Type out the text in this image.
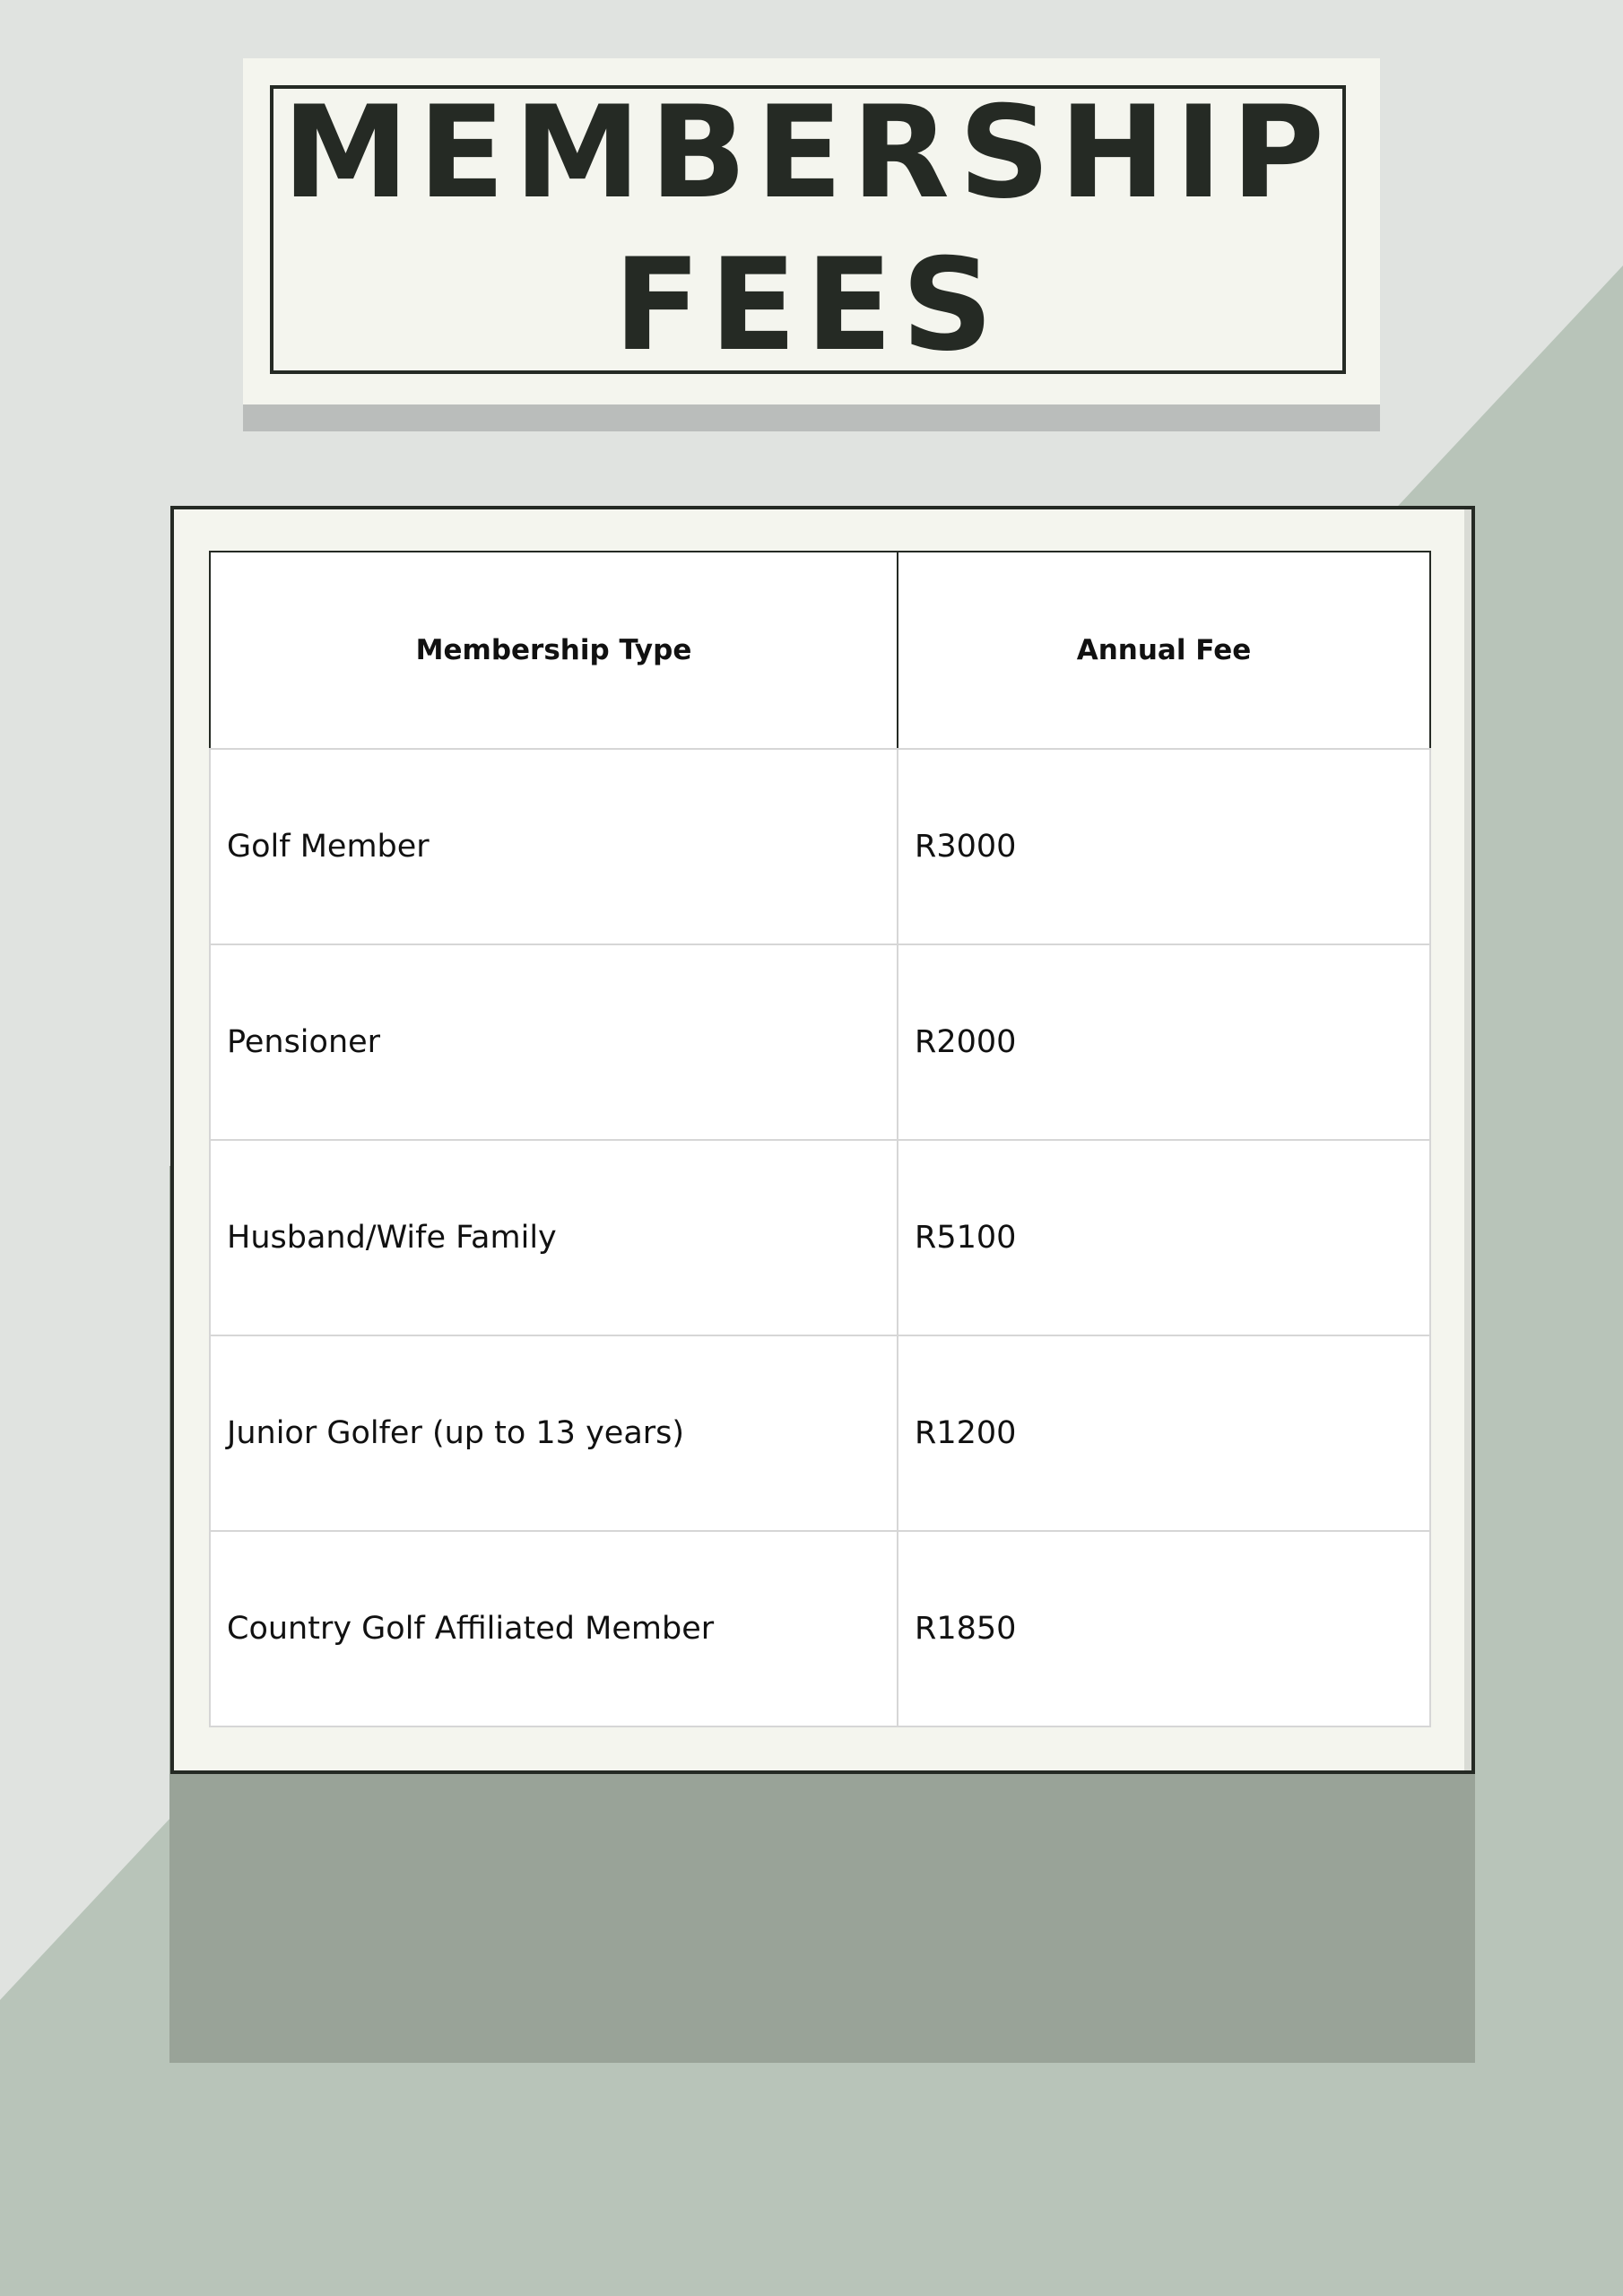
MEMBERSHIP
FEES
Membership Type	Annual Fee
Golf Member	R3000
Pensioner	R2000
Husband/Wife Family	R5100
Junior Golfer (up to 13 years)	R1200
Country Golf Affiliated Member	R1850
